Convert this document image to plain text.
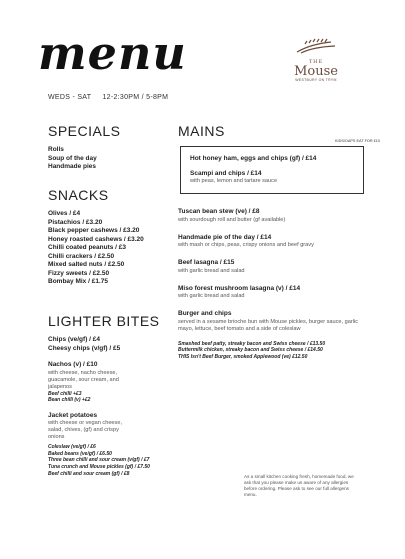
menu
WEDS - SAT 12-2:30PM / 5-8PM
THE
Mouse
WESTBURY ON TRYM
SPECIALS
Rolls
Soup of the day
Handmade pies
SNACKS
Olives / £4
Pistachios / £3.20
Black pepper cashews / £3.20
Honey roasted cashews / £3.20
Chilli coated peanuts / £3
Chilli crackers / £2.50
Mixed salted nuts / £2.50
Fizzy sweets / £2.50
Bombay Mix / £1.75
LIGHTER BITES
Chips (ve/gf) / £4
Cheesy chips (v/gf) / £5
Nachos (v) / £10
with cheese, nacho cheese, guacamole, sour cream, and jalapenos
Beef chilli +£3
Bean chilli (v) +£2
Jacket potatoes
with cheese or vegan cheese, salad, chives, (gf) and crispy onions
Coleslaw (ve/gf) / £6
Baked beans (ve/gf) / £6.50
Three bean chilli and sour cream (v/gf) / £7
Tuna crunch and Mouse pickles (gf) / £7.50
Beef chilli and sour cream (gf) / £8
MAINS
KIDS/OAPS EAT FOR £10
Hot honey ham, eggs and chips (gf) / £14
Scampi and chips / £14
with peas, lemon and tartare sauce
Tuscan bean stew (ve) / £8
with sourdough roll and butter (gf available)
Handmade pie of the day / £14
with mash or chips, peas, crispy onions and beef gravy
Beef lasagna / £15
with garlic bread and salad
Miso forest mushroom lasagna (v) / £14
with garlic bread and salad
Burger and chips
served in a sesame brioche bun with Mouse pickles, burger sauce, garlic mayo, lettuce, beef tomato and a side of coleslaw
Smashed beef patty, streaky bacon and Swiss cheese / £13.50
Buttermilk chicken, streaky bacon and Swiss cheese / £14.50
THIS Isn't Beef Burger, smoked Applewood (ve) £12.50
As a small kitchen cooking fresh, homemade food, we ask that you please make us aware of any allergies before ordering. Please ask to see our full allergens menu.
